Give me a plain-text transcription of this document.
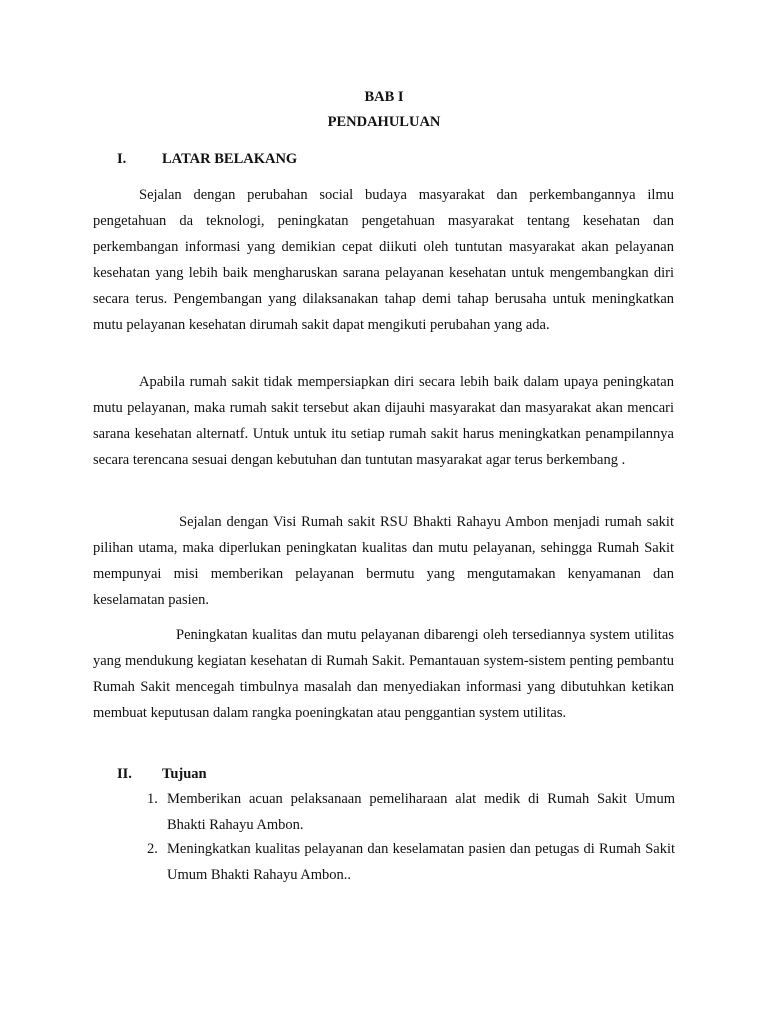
BAB I
PENDAHULUAN
I. LATAR BELAKANG

Sejalan dengan perubahan social budaya masyarakat dan perkembangannya ilmu pengetahuan da teknologi, peningkatan pengetahuan masyarakat tentang kesehatan dan perkembangan informasi yang demikian cepat diikuti oleh tuntutan masyarakat akan pelayanan kesehatan yang lebih baik mengharuskan sarana pelayanan kesehatan untuk mengembangkan diri secara terus. Pengembangan yang dilaksanakan tahap demi tahap berusaha untuk meningkatkan mutu pelayanan kesehatan dirumah sakit dapat mengikuti perubahan yang ada.

Apabila rumah sakit tidak mempersiapkan diri secara lebih baik dalam upaya peningkatan mutu pelayanan, maka rumah sakit tersebut akan dijauhi masyarakat dan masyarakat akan mencari sarana kesehatan alternatf. Untuk untuk itu setiap rumah sakit harus meningkatkan penampilannya secara terencana sesuai dengan kebutuhan dan tuntutan masyarakat agar terus berkembang .

Sejalan dengan Visi Rumah sakit RSU Bhakti Rahayu Ambon menjadi rumah sakit pilihan utama, maka diperlukan peningkatan kualitas dan mutu pelayanan, sehingga Rumah Sakit mempunyai misi memberikan pelayanan bermutu yang mengutamakan kenyamanan dan keselamatan pasien.

Peningkatan kualitas dan mutu pelayanan dibarengi oleh tersediannya system utilitas yang mendukung kegiatan kesehatan di Rumah Sakit. Pemantauan system-sistem penting pembantu Rumah Sakit mencegah timbulnya masalah dan menyediakan informasi yang dibutuhkan ketikan membuat keputusan dalam rangka poeningkatan atau penggantian system utilitas.

II. Tujuan
1. Memberikan acuan pelaksanaan pemeliharaan alat medik di Rumah Sakit Umum Bhakti Rahayu Ambon.
2. Meningkatkan kualitas pelayanan dan keselamatan pasien dan petugas di Rumah Sakit Umum Bhakti Rahayu Ambon..
